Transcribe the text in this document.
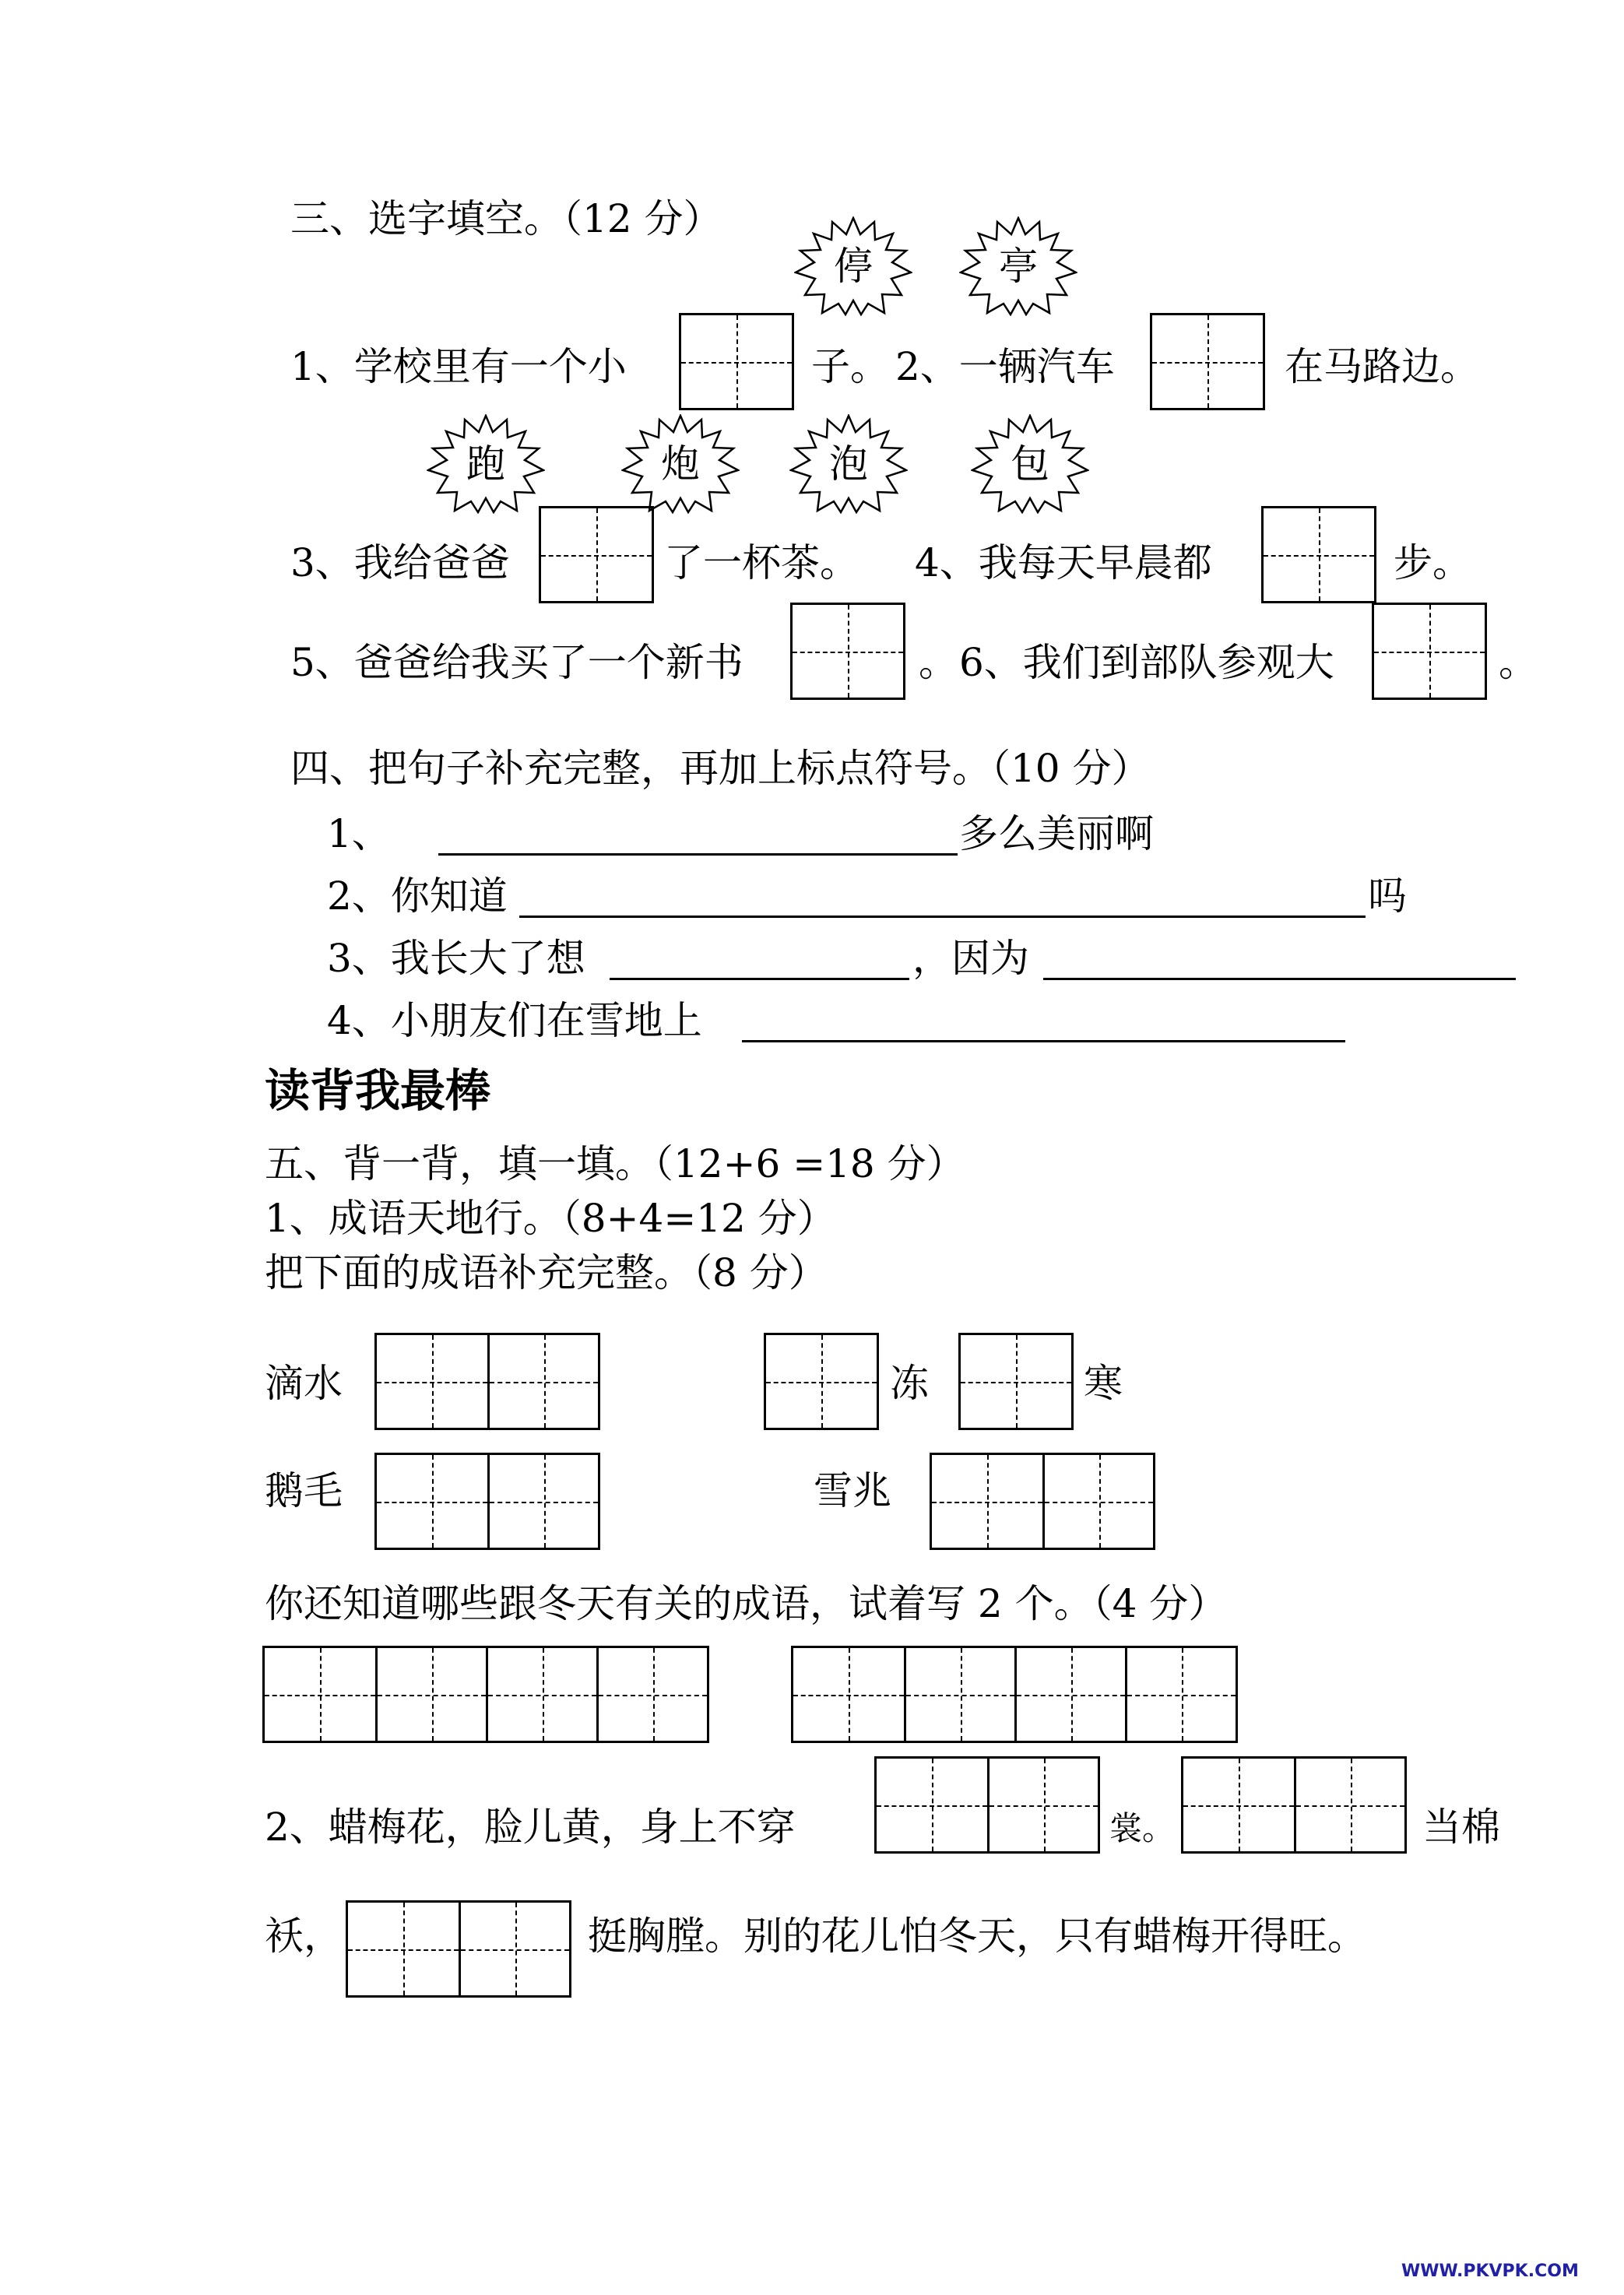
三、选字填空。（12 分）
停	亭
1、学校里有一个小	子。 2、一辆汽车	在马路边。
跑	炮	泡	包
3、我给爸爸	了一杯茶。 4、我每天早晨都	步。
5、爸爸给我买了一个新书	。 6、我们到部队参观大	。
四、把句子补充完整，再加上标点符号。（10 分）
1、	多么美丽啊
2、你知道	吗
3、我长大了想	，因为
4、小朋友们在雪地上
读背我最棒
五、背一背，填一填。（12+6 =18 分）
1、成语天地行。（8+4=12 分）
把下面的成语补充完整。（8 分）
滴水	冻	寒
鹅毛	雪兆
你还知道哪些跟冬天有关的成语，试着写 2 个。（4 分）
2、蜡梅花，脸儿黄，身上不穿	裳。	当棉
袄，	挺胸膛。别的花儿怕冬天，只有蜡梅开得旺。
WWW.PKVPK.COM
